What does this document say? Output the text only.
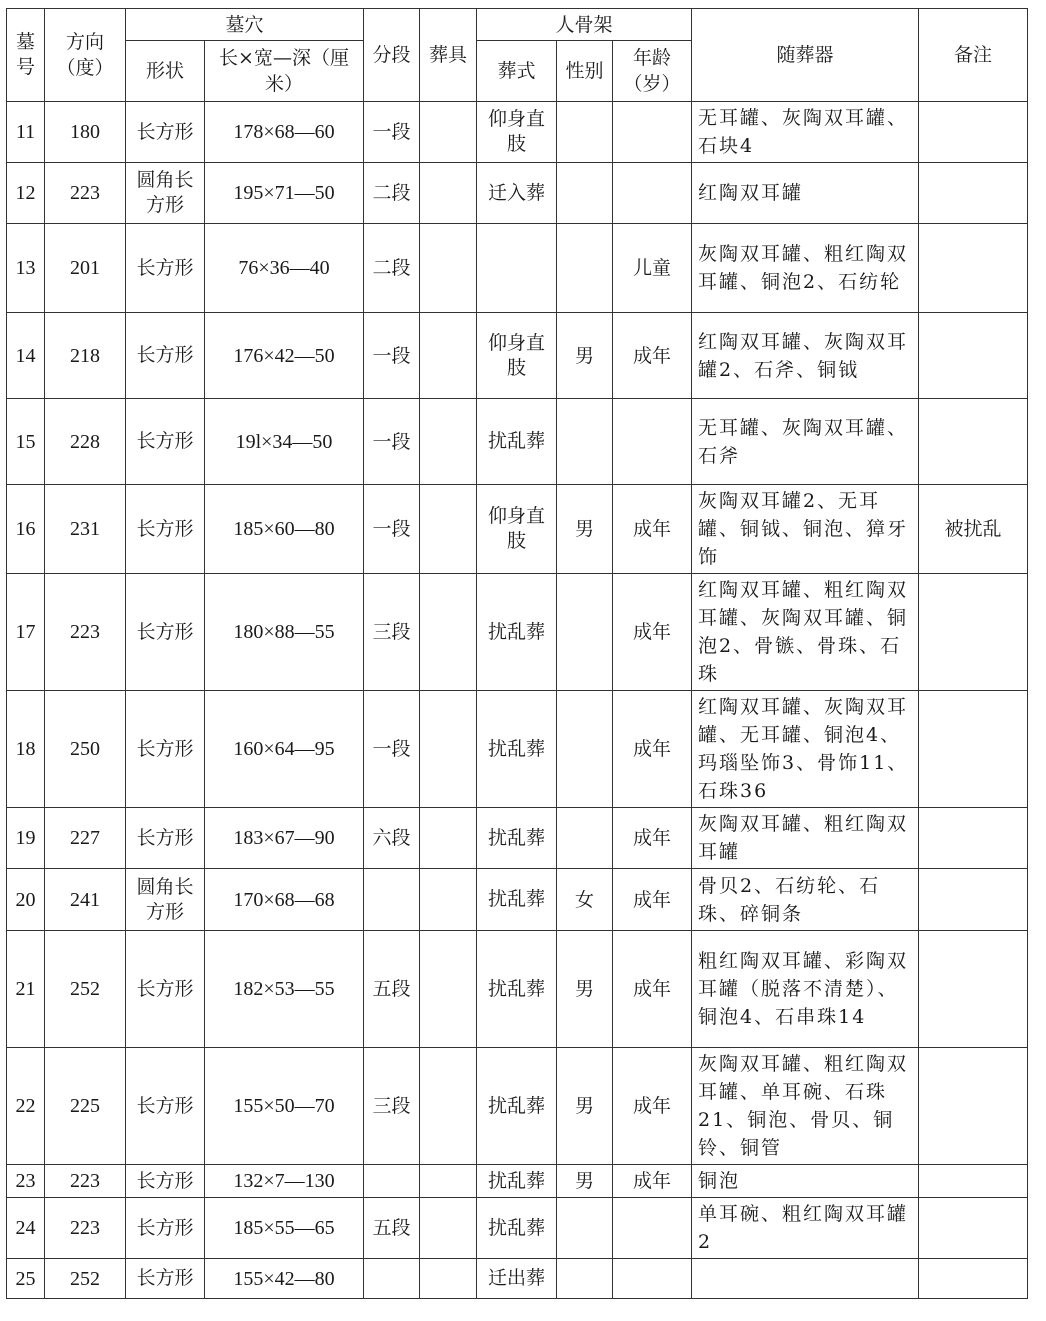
墓号	方向（度）	墓穴		分段	葬具	人骨架			随葬器	备注
		形状	长×宽—深（厘米）			葬式	性别	年龄（岁）		
11	180	长方形	178×68—60	一段		仰身直肢			无耳罐、灰陶双耳罐、石块4	
12	223	圆角长方形	195×71—50	二段		迁入葬			红陶双耳罐	
13	201	长方形	76×36—40	二段				儿童	灰陶双耳罐、粗红陶双耳罐、铜泡2、石纺轮	
14	218	长方形	176×42—50	一段		仰身直肢	男	成年	红陶双耳罐、灰陶双耳罐2、石斧、铜钺	
15	228	长方形	19l×34—50	一段		扰乱葬			无耳罐、灰陶双耳罐、石斧	
16	231	长方形	185×60—80	一段		仰身直肢	男	成年	灰陶双耳罐2、无耳罐、铜钺、铜泡、獐牙饰	被扰乱
17	223	长方形	180×88—55	三段		扰乱葬		成年	红陶双耳罐、粗红陶双耳罐、灰陶双耳罐、铜泡2、骨镞、骨珠、石珠	
18	250	长方形	160×64—95	一段		扰乱葬		成年	红陶双耳罐、灰陶双耳罐、无耳罐、铜泡4、玛瑙坠饰3、骨饰11、石珠36	
19	227	长方形	183×67—90	六段		扰乱葬		成年	灰陶双耳罐、粗红陶双耳罐	
20	241	圆角长方形	170×68—68			扰乱葬	女	成年	骨贝2、石纺轮、石珠、碎铜条	
21	252	长方形	182×53—55	五段		扰乱葬	男	成年	粗红陶双耳罐、彩陶双耳罐（脱落不清楚）、铜泡4、石串珠14	
22	225	长方形	155×50—70	三段		扰乱葬	男	成年	灰陶双耳罐、粗红陶双耳罐、单耳碗、石珠21、铜泡、骨贝、铜铃、铜管	
23	223	长方形	132×7—130			扰乱葬	男	成年	铜泡	
24	223	长方形	185×55—65	五段		扰乱葬			单耳碗、粗红陶双耳罐2	
25	252	长方形	155×42—80			迁出葬				
